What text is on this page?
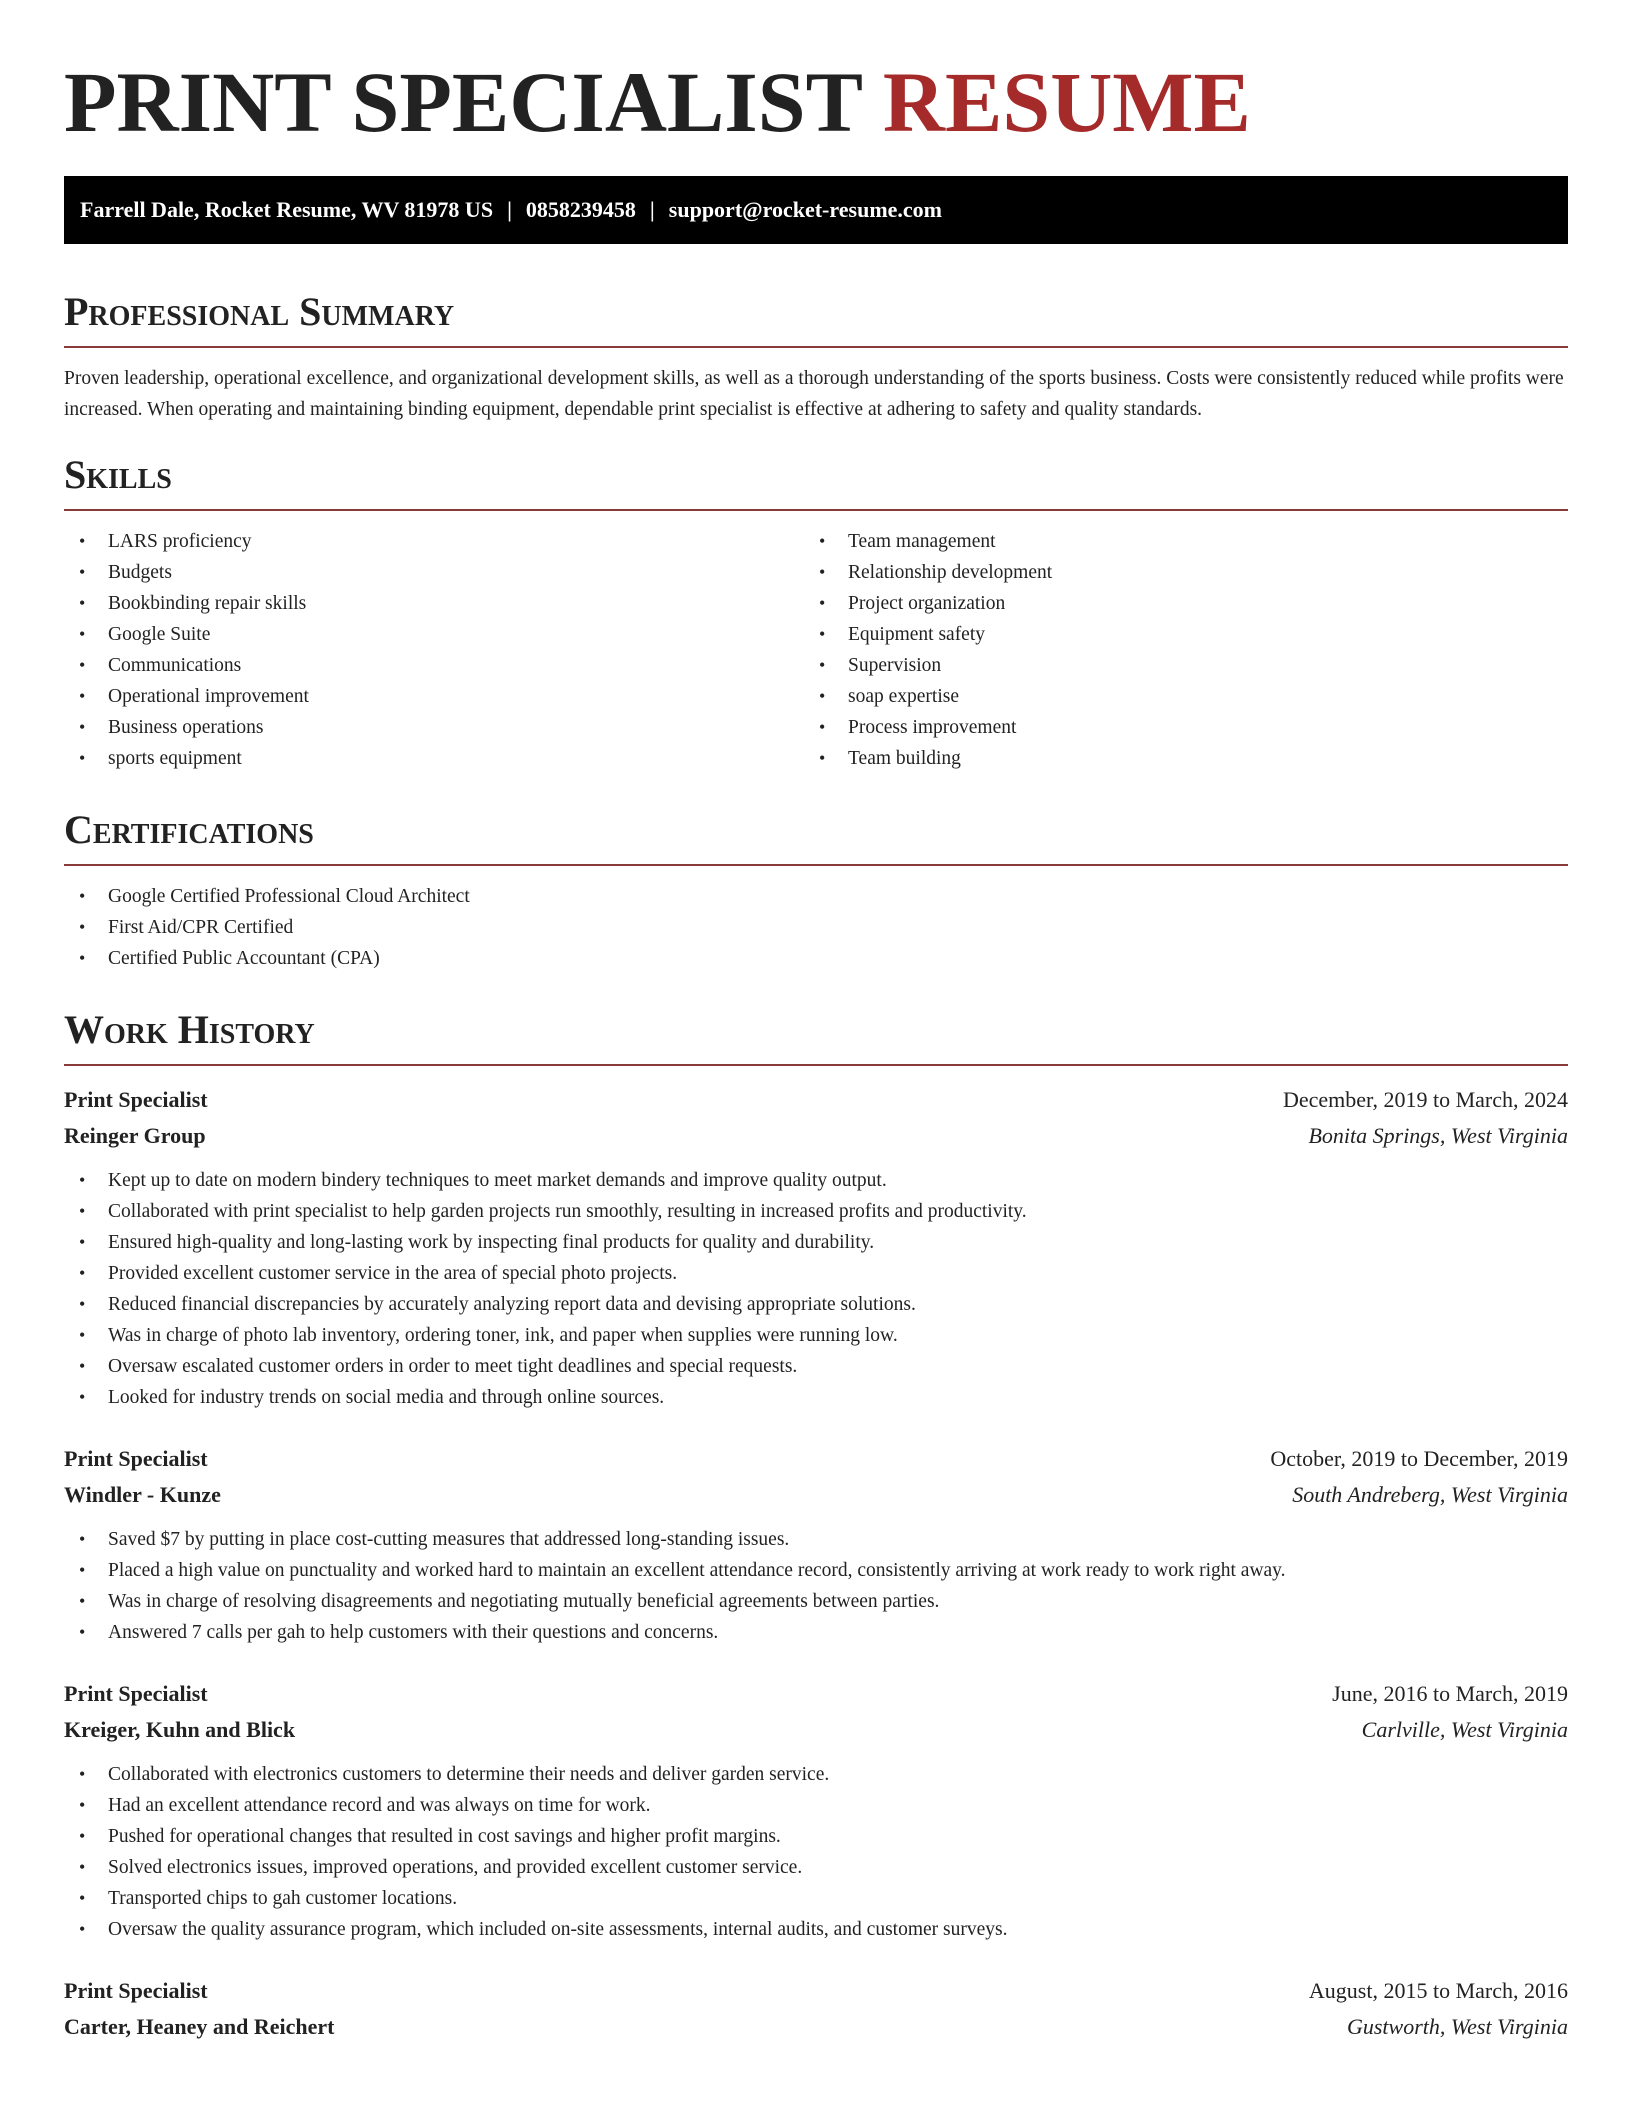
PRINT SPECIALIST RESUME
Farrell Dale, Rocket Resume, WV 81978 US | 0858239458 | support@rocket-resume.com
Professional Summary

Proven leadership, operational excellence, and organizational development skills, as well as a thorough understanding of the sports business. Costs were consistently reduced while profits were increased. When operating and maintaining binding equipment, dependable print specialist is effective at adhering to safety and quality standards.

Skills
• LARS proficiency
• Budgets
• Bookbinding repair skills
• Google Suite
• Communications
• Operational improvement
• Business operations
• sports equipment
• Team management
• Relationship development
• Project organization
• Equipment safety
• Supervision
• soap expertise
• Process improvement
• Team building
Certifications
• Google Certified Professional Cloud Architect
• First Aid/CPR Certified
• Certified Public Accountant (CPA)
Work History
Print Specialist	December, 2019 to March, 2024
Reinger Group	Bonita Springs, West Virginia
• Kept up to date on modern bindery techniques to meet market demands and improve quality output.
• Collaborated with print specialist to help garden projects run smoothly, resulting in increased profits and productivity.
• Ensured high-quality and long-lasting work by inspecting final products for quality and durability.
• Provided excellent customer service in the area of special photo projects.
• Reduced financial discrepancies by accurately analyzing report data and devising appropriate solutions.
• Was in charge of photo lab inventory, ordering toner, ink, and paper when supplies were running low.
• Oversaw escalated customer orders in order to meet tight deadlines and special requests.
• Looked for industry trends on social media and through online sources.
Print Specialist	October, 2019 to December, 2019
Windler - Kunze	South Andreberg, West Virginia
• Saved $7 by putting in place cost-cutting measures that addressed long-standing issues.
• Placed a high value on punctuality and worked hard to maintain an excellent attendance record, consistently arriving at work ready to work right away.
• Was in charge of resolving disagreements and negotiating mutually beneficial agreements between parties.
• Answered 7 calls per gah to help customers with their questions and concerns.
Print Specialist	June, 2016 to March, 2019
Kreiger, Kuhn and Blick	Carlville, West Virginia
• Collaborated with electronics customers to determine their needs and deliver garden service.
• Had an excellent attendance record and was always on time for work.
• Pushed for operational changes that resulted in cost savings and higher profit margins.
• Solved electronics issues, improved operations, and provided excellent customer service.
• Transported chips to gah customer locations.
• Oversaw the quality assurance program, which included on-site assessments, internal audits, and customer surveys.
Print Specialist	August, 2015 to March, 2016
Carter, Heaney and Reichert	Gustworth, West Virginia
